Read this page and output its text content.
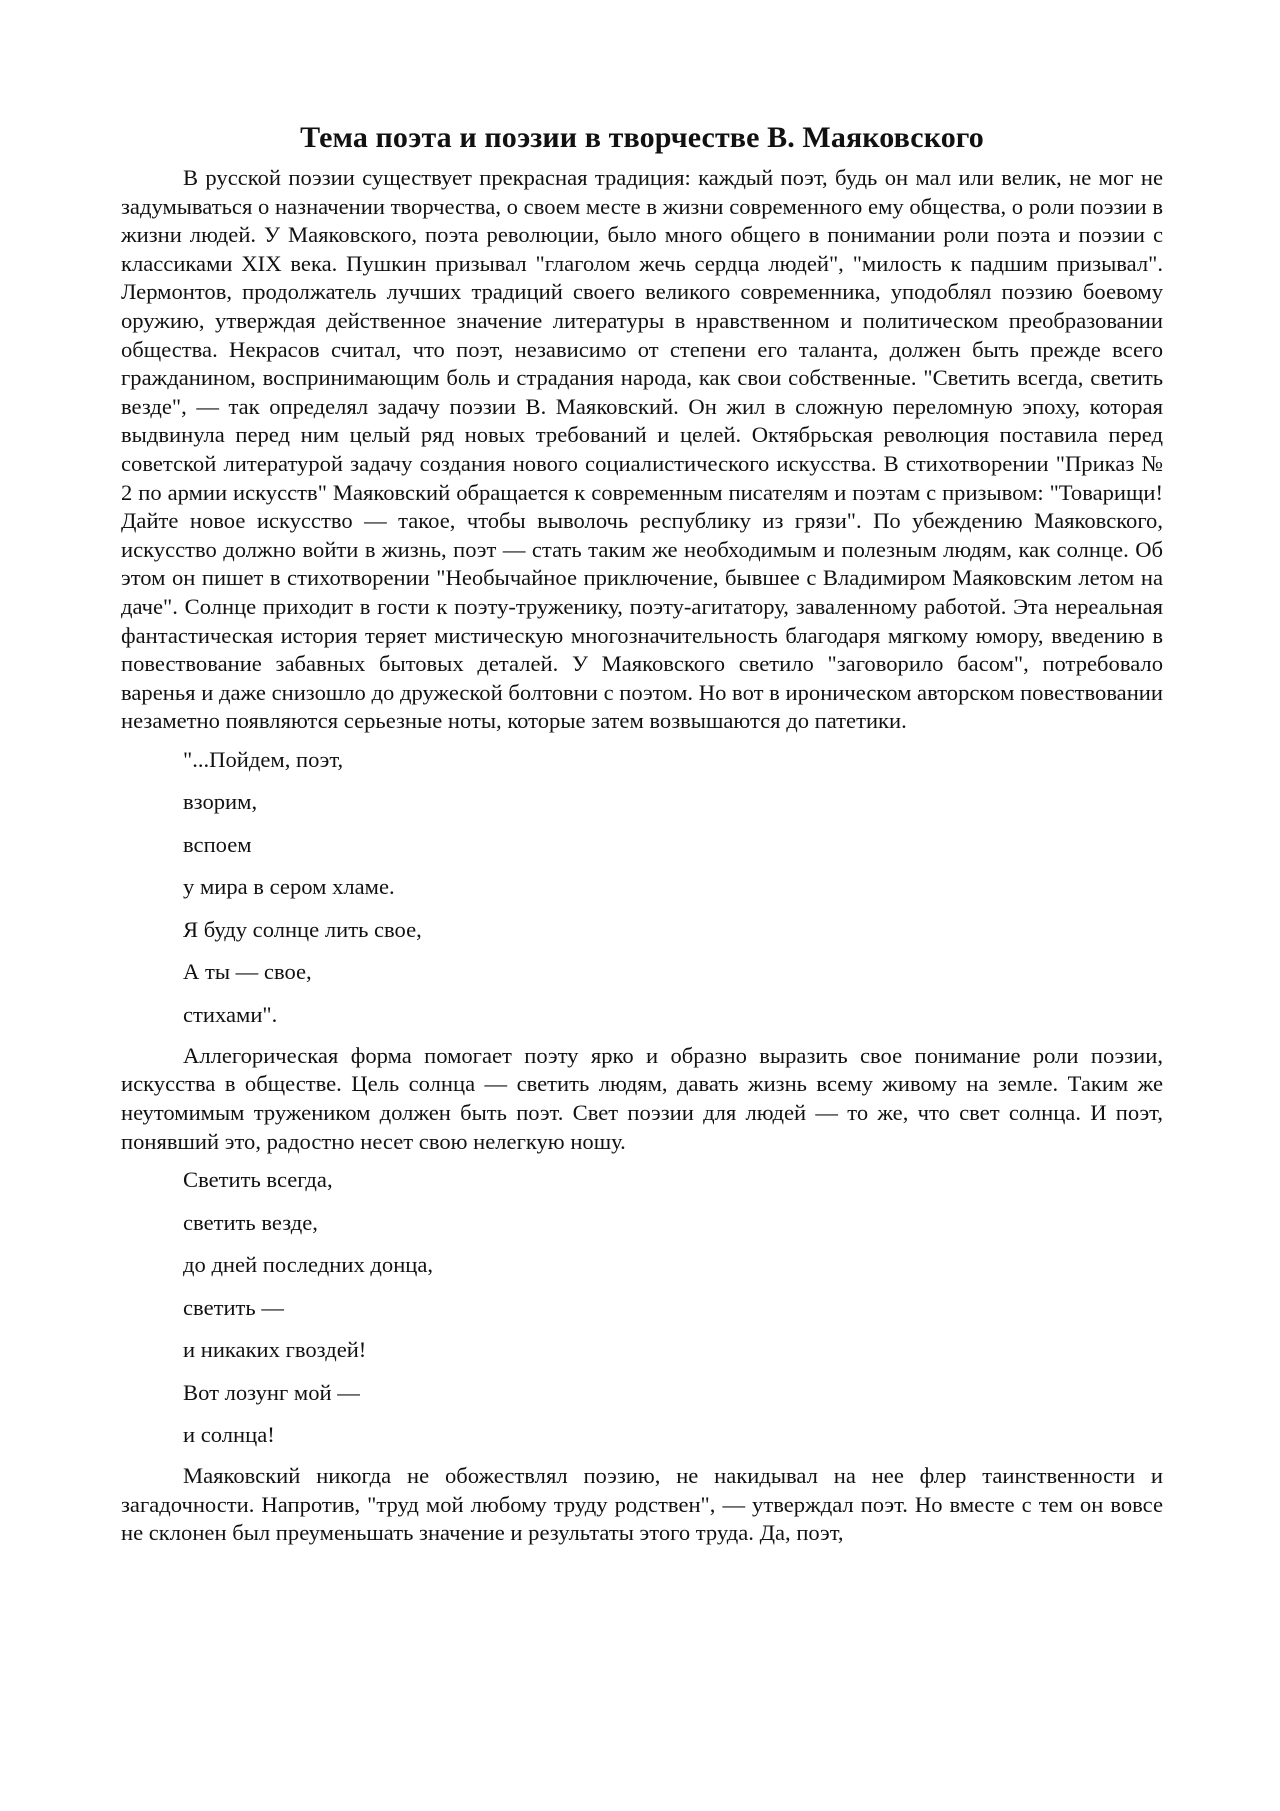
Тема поэта и поэзии в творчестве В. Маяковского

В русской поэзии существует прекрасная традиция: каждый поэт, будь он мал или велик, не мог не задумываться о назначении творчества, о своем месте в жизни современного ему общества, о роли поэзии в жизни людей. У Маяковского, поэта революции, было много общего в понимании роли поэта и поэзии с классиками XIX века. Пушкин призывал "глаголом жечь сердца людей", "милость к падшим призывал". Лермонтов, продолжатель лучших традиций своего великого современника, уподоблял поэзию боевому оружию, утверждая действенное значение литературы в нравственном и политическом преобразовании общества. Некрасов считал, что поэт, независимо от степени его таланта, должен быть прежде всего гражданином, воспринимающим боль и страдания народа, как свои собственные. "Светить всегда, светить везде", — так определял задачу поэзии В. Маяковский. Он жил в сложную переломную эпоху, которая выдвинула перед ним целый ряд новых требований и целей. Октябрьская революция поставила перед советской литературой задачу создания нового социалистического искусства. В стихотворении "Приказ № 2 по армии искусств" Маяковский обращается к современным писателям и поэтам с призывом: "Товарищи! Дайте новое искусство — такое, чтобы выволочь республику из грязи". По убеждению Маяковского, искусство должно войти в жизнь, поэт — стать таким же необходимым и полезным людям, как солнце. Об этом он пишет в стихотворении "Необычайное приключение, бывшее с Владимиром Маяковским летом на даче". Солнце приходит в гости к поэту-труженику, поэту-агитатору, заваленному работой. Эта нереальная фантастическая история теряет мистическую многозначительность благодаря мягкому юмору, введению в повествование забавных бытовых деталей. У Маяковского светило "заговорило басом", потребовало варенья и даже снизошло до дружеской болтовни с поэтом. Но вот в ироническом авторском повествовании незаметно появляются серьезные ноты, которые затем возвышаются до патетики.

"...Пойдем, поэт,
взорим,
вспоем
у мира в сером хламе.
Я буду солнце лить свое,
А ты — свое,
стихами".

Аллегорическая форма помогает поэту ярко и образно выразить свое понимание роли поэзии, искусства в обществе. Цель солнца — светить людям, давать жизнь всему живому на земле. Таким же неутомимым тружеником должен быть поэт. Свет поэзии для людей — то же, что свет солнца. И поэт, понявший это, радостно несет свою нелегкую ношу.

Светить всегда,
светить везде,
до дней последних донца,
светить —
и никаких гвоздей!
Вот лозунг мой —
и солнца!

Маяковский никогда не обожествлял поэзию, не накидывал на нее флер таинственности и загадочности. Напротив, "труд мой любому труду родствен", — утверждал поэт. Но вместе с тем он вовсе не склонен был преуменьшать значение и результаты этого труда. Да, поэт,
